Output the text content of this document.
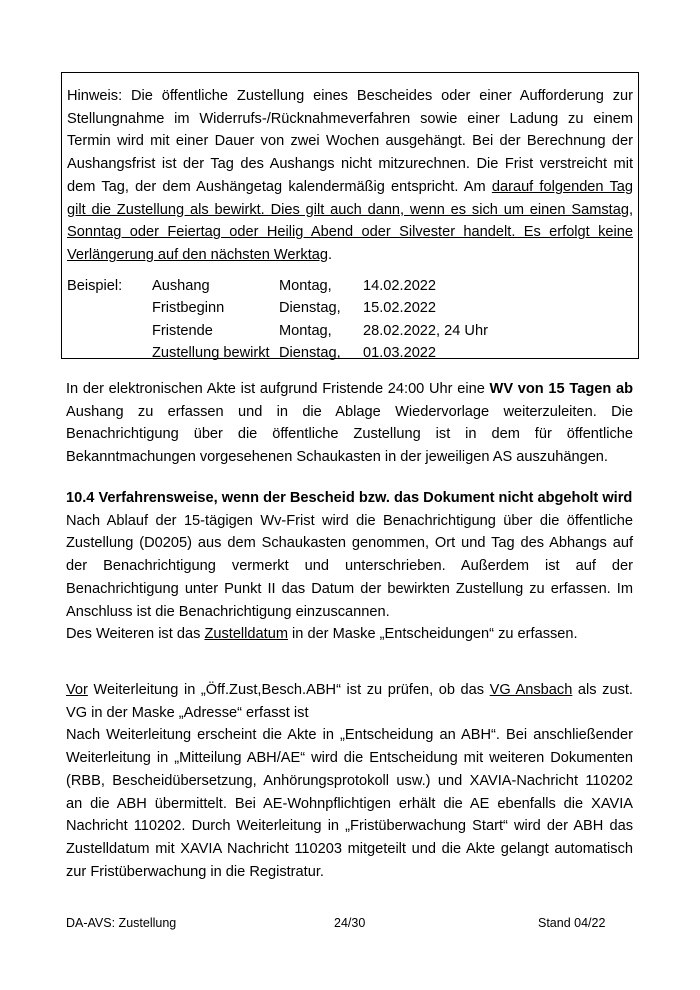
Hinweis: Die öffentliche Zustellung eines Bescheides oder einer Aufforderung zur Stellungnahme im Widerrufs-/Rücknahmeverfahren sowie einer Ladung zu einem Termin wird mit einer Dauer von zwei Wochen ausgehängt. Bei der Berechnung der Aushangsfrist ist der Tag des Aushangs nicht mitzurechnen. Die Frist verstreicht mit dem Tag, der dem Aushängetag kalendermäßig entspricht. Am darauf folgenden Tag gilt die Zustellung als bewirkt. Dies gilt auch dann, wenn es sich um einen Samstag, Sonntag oder Feiertag oder Heilig Abend oder Silvester handelt. Es erfolgt keine Verlängerung auf den nächsten Werktag.

Beispiel: Aushang	Montag, 14.02.2022
Fristbeginn	Dienstag, 15.02.2022
Fristende	Montag, 28.02.2022, 24 Uhr
Zustellung bewirkt Dienstag, 01.03.2022

In der elektronischen Akte ist aufgrund Fristende 24:00 Uhr eine WV von 15 Tagen ab Aushang zu erfassen und in die Ablage Wiedervorlage weiterzuleiten. Die Benachrichtigung über die öffentliche Zustellung ist in dem für öffentliche Bekanntmachungen vorgesehenen Schaukasten in der jeweiligen AS auszuhängen.

10.4 Verfahrensweise, wenn der Bescheid bzw. das Dokument nicht abgeholt wird

Nach Ablauf der 15-tägigen Wv-Frist wird die Benachrichtigung über die öffentliche Zustellung (D0205) aus dem Schaukasten genommen, Ort und Tag des Abhangs auf der Benachrichtigung vermerkt und unterschrieben. Außerdem ist auf der Benachrichtigung unter Punkt II das Datum der bewirkten Zustellung zu erfassen. Im Anschluss ist die Benachrichtigung einzuscannen.

Des Weiteren ist das Zustelldatum in der Maske „Entscheidungen“ zu erfassen.

Vor Weiterleitung in „Öff.Zust,Besch.ABH“ ist zu prüfen, ob das VG Ansbach als zust. VG in der Maske „Adresse“ erfasst ist

Nach Weiterleitung erscheint die Akte in „Entscheidung an ABH“. Bei anschließender Weiterleitung in „Mitteilung ABH/AE“ wird die Entscheidung mit weiteren Dokumenten (RBB, Bescheidübersetzung, Anhörungsprotokoll usw.) und XAVIA-Nachricht 110202 an die ABH übermittelt. Bei AE-Wohnpflichtigen erhält die AE ebenfalls die XAVIA Nachricht 110202. Durch Weiterleitung in „Fristüberwachung Start“ wird der ABH das Zustelldatum mit XAVIA Nachricht 110203 mitgeteilt und die Akte gelangt automatisch zur Fristüberwachung in die Registratur.

DA-AVS: Zustellung	24/30	Stand 04/22
